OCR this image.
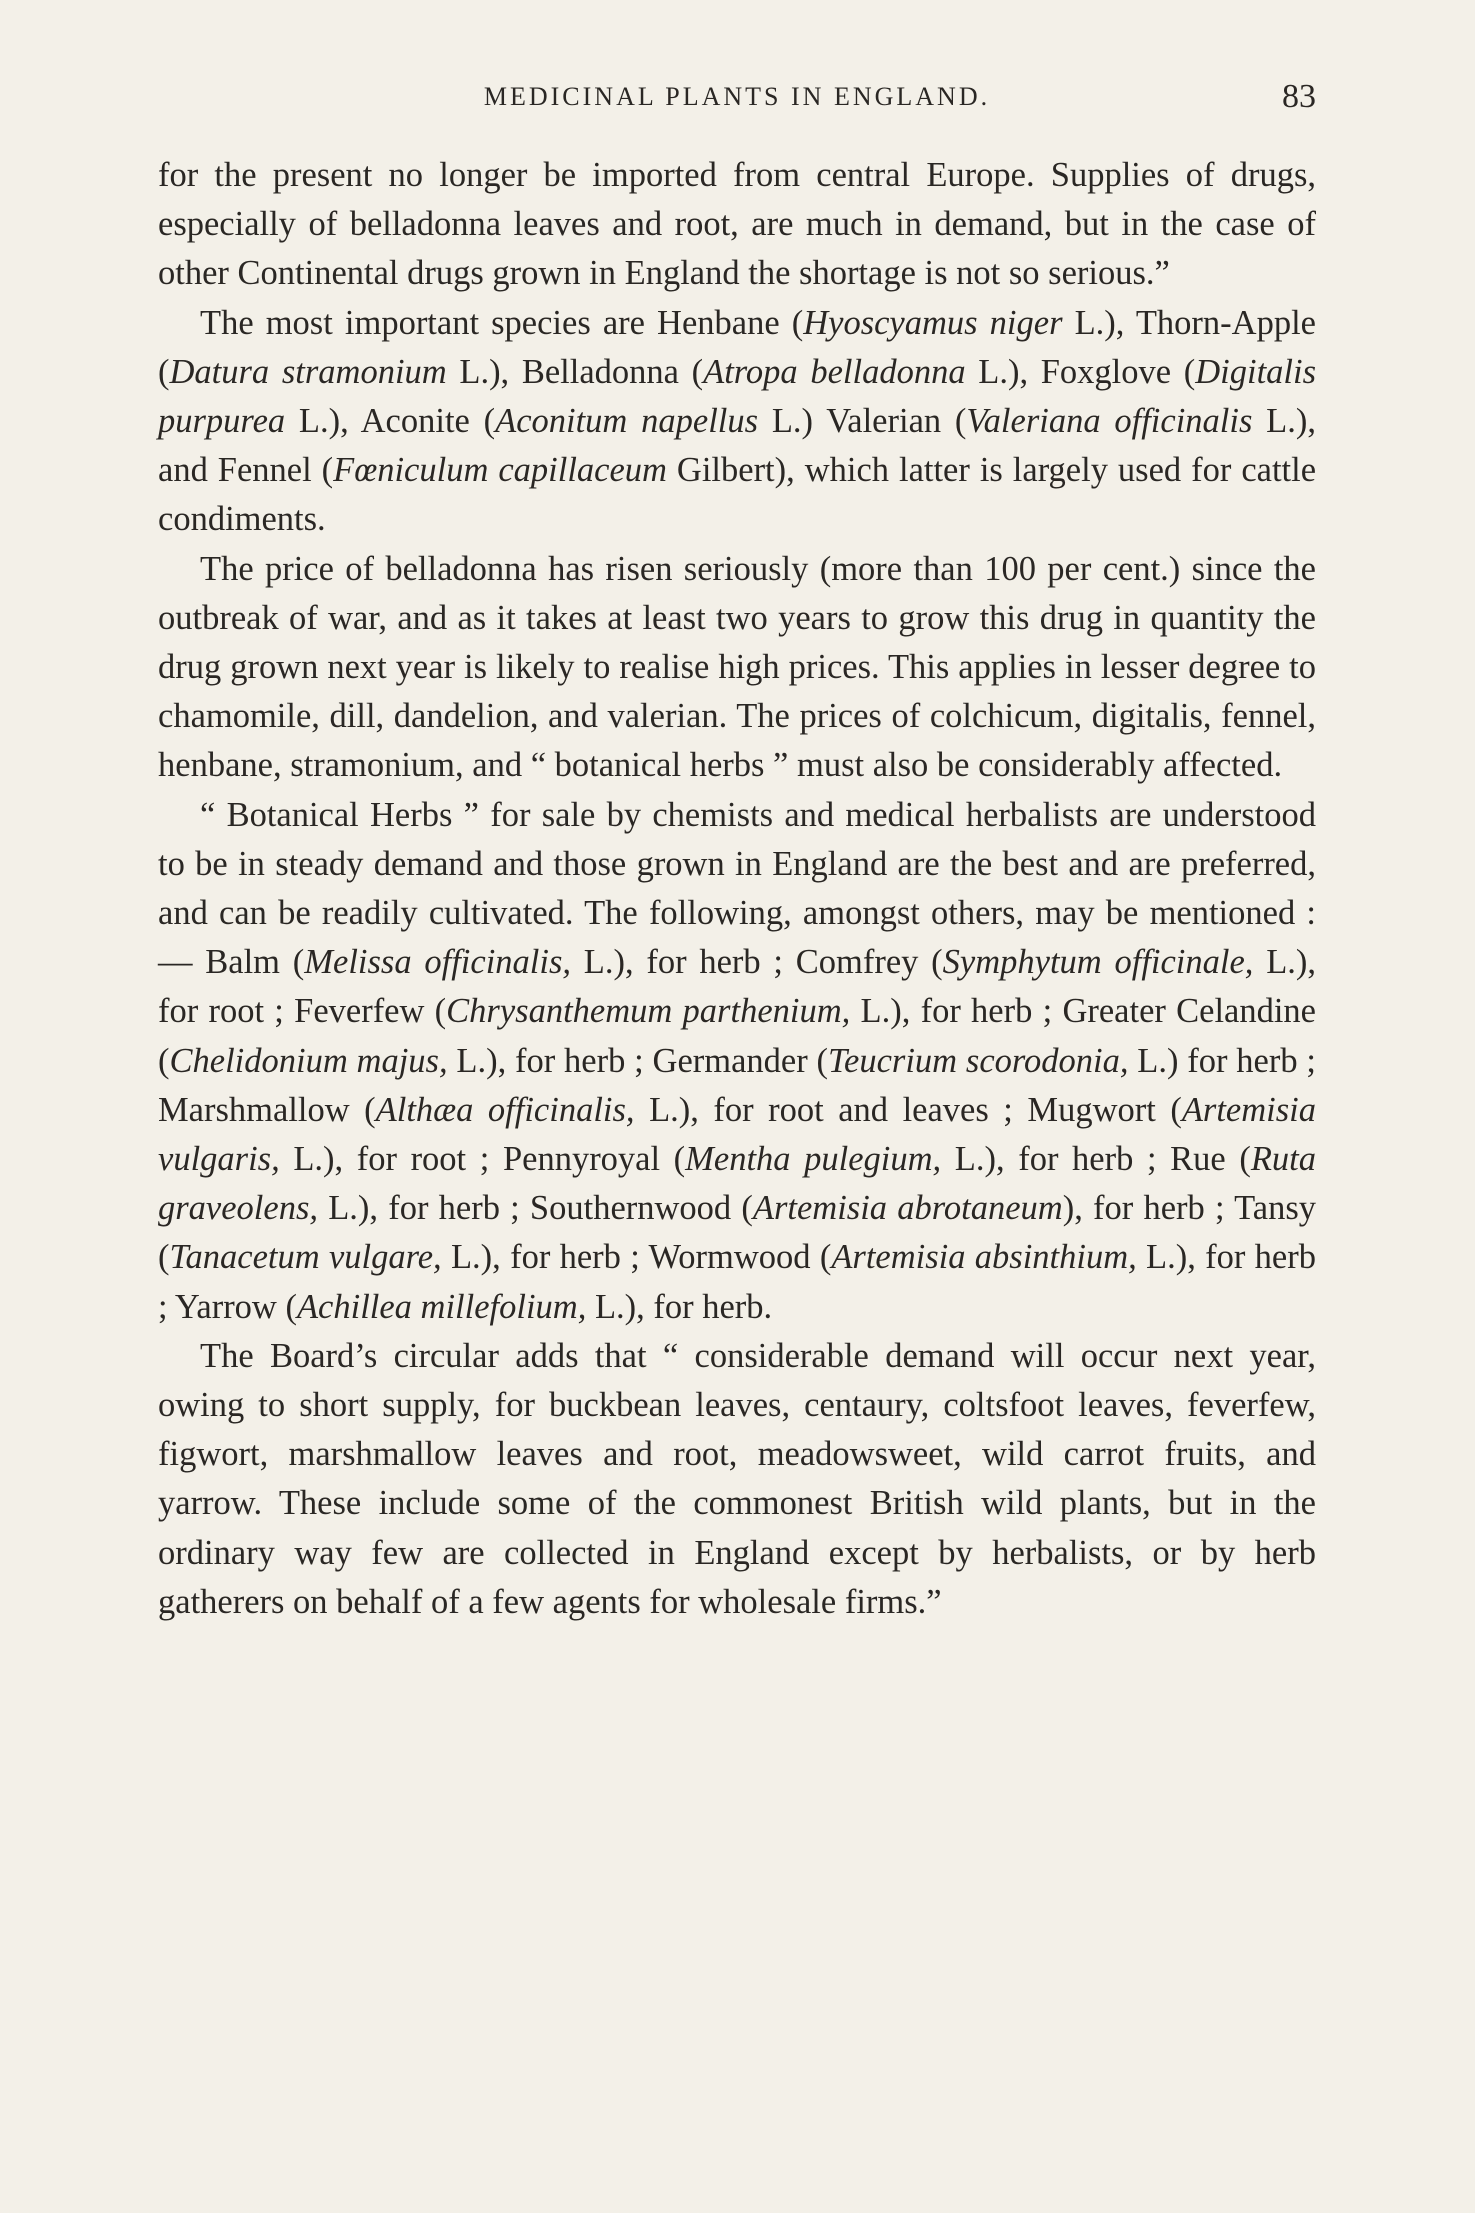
MEDICINAL PLANTS IN ENGLAND.	83

for the present no longer be imported from central Europe. Supplies of drugs, especially of belladonna leaves and root, are much in demand, but in the case of other Continental drugs grown in England the shortage is not so serious.”

The most important species are Henbane (Hyoscyamus niger L.), Thorn-Apple (Datura stramonium L.), Belladonna (Atropa belladonna L.), Foxglove (Digitalis purpurea L.), Aconite (Aconitum napellus L.) Valerian (Valeriana officinalis L.), and Fennel (Fœniculum capillaceum Gilbert), which latter is largely used for cattle condiments.

The price of belladonna has risen seriously (more than 100 per cent.) since the outbreak of war, and as it takes at least two years to grow this drug in quantity the drug grown next year is likely to realise high prices. This applies in lesser degree to chamomile, dill, dandelion, and valerian. The prices of colchicum, digitalis, fennel, henbane, stramonium, and “ botanical herbs ” must also be considerably affected.

“ Botanical Herbs ” for sale by chemists and medical herbalists are understood to be in steady demand and those grown in England are the best and are preferred, and can be readily cultivated. The following, amongst others, may be mentioned :— Balm (Melissa officinalis, L.), for herb ; Comfrey (Symphytum officinale, L.), for root ; Feverfew (Chrysanthemum parthenium, L.), for herb ; Greater Celandine (Chelidonium majus, L.), for herb ; Germander (Teucrium scorodonia, L.) for herb ; Marshmallow (Althæa officinalis, L.), for root and leaves ; Mugwort (Artemisia vulgaris, L.), for root ; Pennyroyal (Mentha pulegium, L.), for herb ; Rue (Ruta graveolens, L.), for herb ; Southernwood (Artemisia abrotaneum), for herb ; Tansy (Tanacetum vulgare, L.), for herb ; Wormwood (Artemisia absinthium, L.), for herb ; Yarrow (Achillea millefolium, L.), for herb.

The Board’s circular adds that “ considerable demand will occur next year, owing to short supply, for buckbean leaves, centaury, coltsfoot leaves, feverfew, figwort, marshmallow leaves and root, meadowsweet, wild carrot fruits, and yarrow. These include some of the commonest British wild plants, but in the ordinary way few are collected in England except by herbalists, or by herb gatherers on behalf of a few agents for wholesale firms.”
